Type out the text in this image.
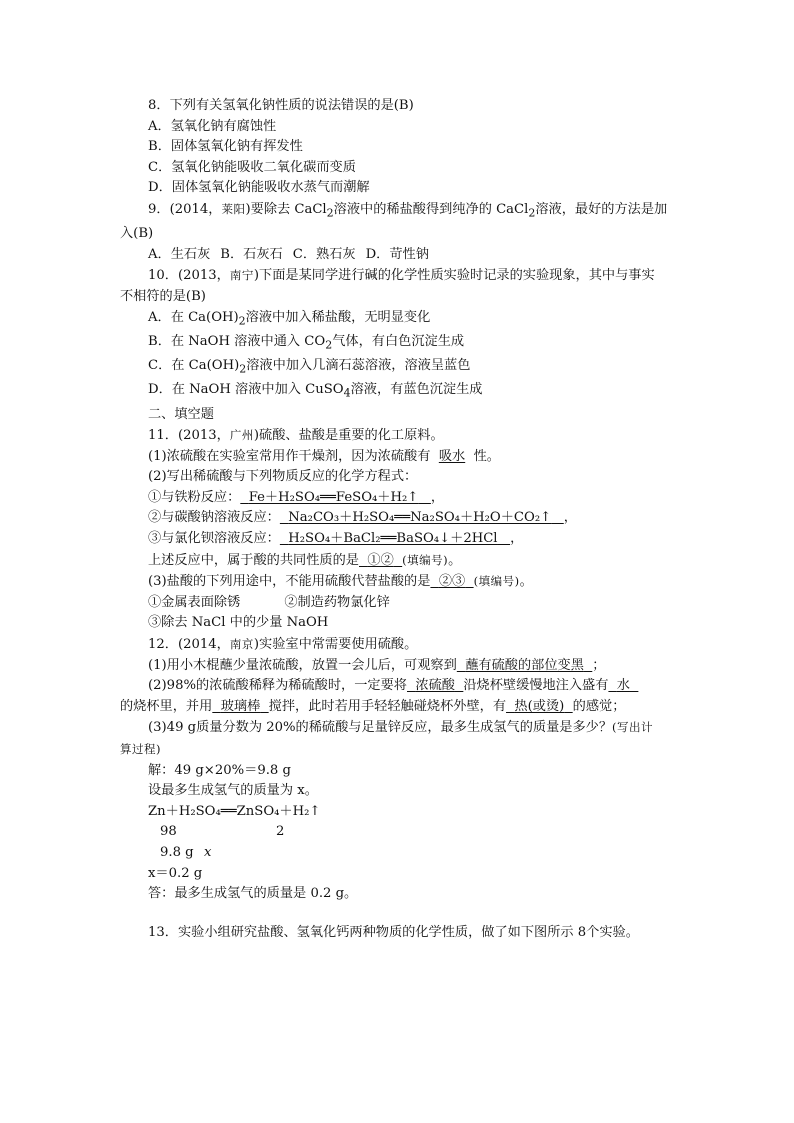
8．下列有关氢氧化钠性质的说法错误的是(B)
A．氢氧化钠有腐蚀性
B．固体氢氧化钠有挥发性
C．氢氧化钠能吸收二氧化碳而变质
D．固体氢氧化钠能吸收水蒸气而潮解
9．(2014，莱阳)要除去 CaCl$_2$溶液中的稀盐酸得到纯净的 CaCl$_2$溶液，最好的方法是加
入(B)
A．生石灰 B．石灰石 C．熟石灰 D．苛性钠
10．(2013，南宁)下面是某同学进行碱的化学性质实验时记录的实验现象，其中与事实
不相符的是(B)
A．在 $Ca(OH)_2$溶液中加入稀盐酸，无明显变化
B．在 NaOH 溶液中通入 $CO_2$气体，有白色沉淀生成
C．在 $Ca(OH)_2$溶液中加入几滴石蕊溶液，溶液呈蓝色
D．在 NaOH 溶液中加入 CuSO$_4$溶液，有蓝色沉淀生成
二、填空题
11．(2013，广州)硫酸、盐酸是重要的化工原料。
(1)浓硫酸在实验室常用作干燥剂，因为浓硫酸有 吸水 性。
(2)写出稀硫酸与下列物质反应的化学方程式：
①与铁粉反应： Fe＋H₂SO₄══FeSO₄＋H₂↑ ，
②与碳酸钠溶液反应： Na₂CO₃＋H₂SO₄══Na₂SO₄＋H₂O＋CO₂↑ ，
③与氯化钡溶液反应： H₂SO₄＋BaCl₂══BaSO₄↓＋2HCl ，
上述反应中，属于酸的共同性质的是 ①② (填编号)。
(3)盐酸的下列用途中，不能用硫酸代替盐酸的是 ②③ (填编号)。
①金属表面除锈	②制造药物氯化锌
③除去 NaCl 中的少量 NaOH
12．(2014，南京)实验室中常需要使用硫酸。
(1)用小木棍蘸少量浓硫酸，放置一会儿后，可观察到 蘸有硫酸的部位变黑 ；
(2)98%的浓硫酸稀释为稀硫酸时，一定要将 浓硫酸 沿烧杯壁缓慢地注入盛有 水
的烧杯里，并用 玻璃棒 搅拌，此时若用手轻轻触碰烧杯外壁，有 热(或烫) 的感觉；
(3)49 g质量分数为 20%的稀硫酸与足量锌反应，最多生成氢气的质量是多少？(写出计
算过程)
解：49 g×20%＝9.8 g
设最多生成氢气的质量为 x。
Zn＋H₂SO₄══ZnSO₄＋H₂↑
98	2
9.8 g x
x＝0.2 g
答：最多生成氢气的质量是 0.2 g。
13．实验小组研究盐酸、氢氧化钙两种物质的化学性质，做了如下图所示 8个实验。
